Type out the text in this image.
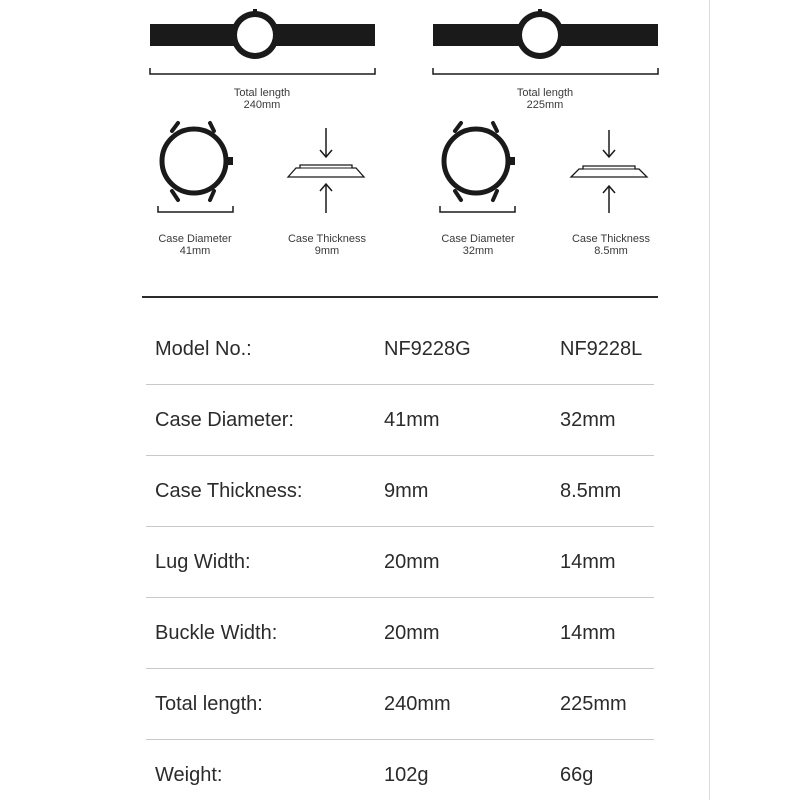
Total length
240mm
Total length
225mm
Case Diameter
41mm
Case Thickness
9mm
Case Diameter
32mm
Case Thickness
8.5mm
Model No.:	NF9228G	NF9228L
Case Diameter:	41mm	32mm
Case Thickness:	9mm	8.5mm
Lug Width:	20mm	14mm
Buckle Width:	20mm	14mm
Total length:	240mm	225mm
Weight:	102g	66g
